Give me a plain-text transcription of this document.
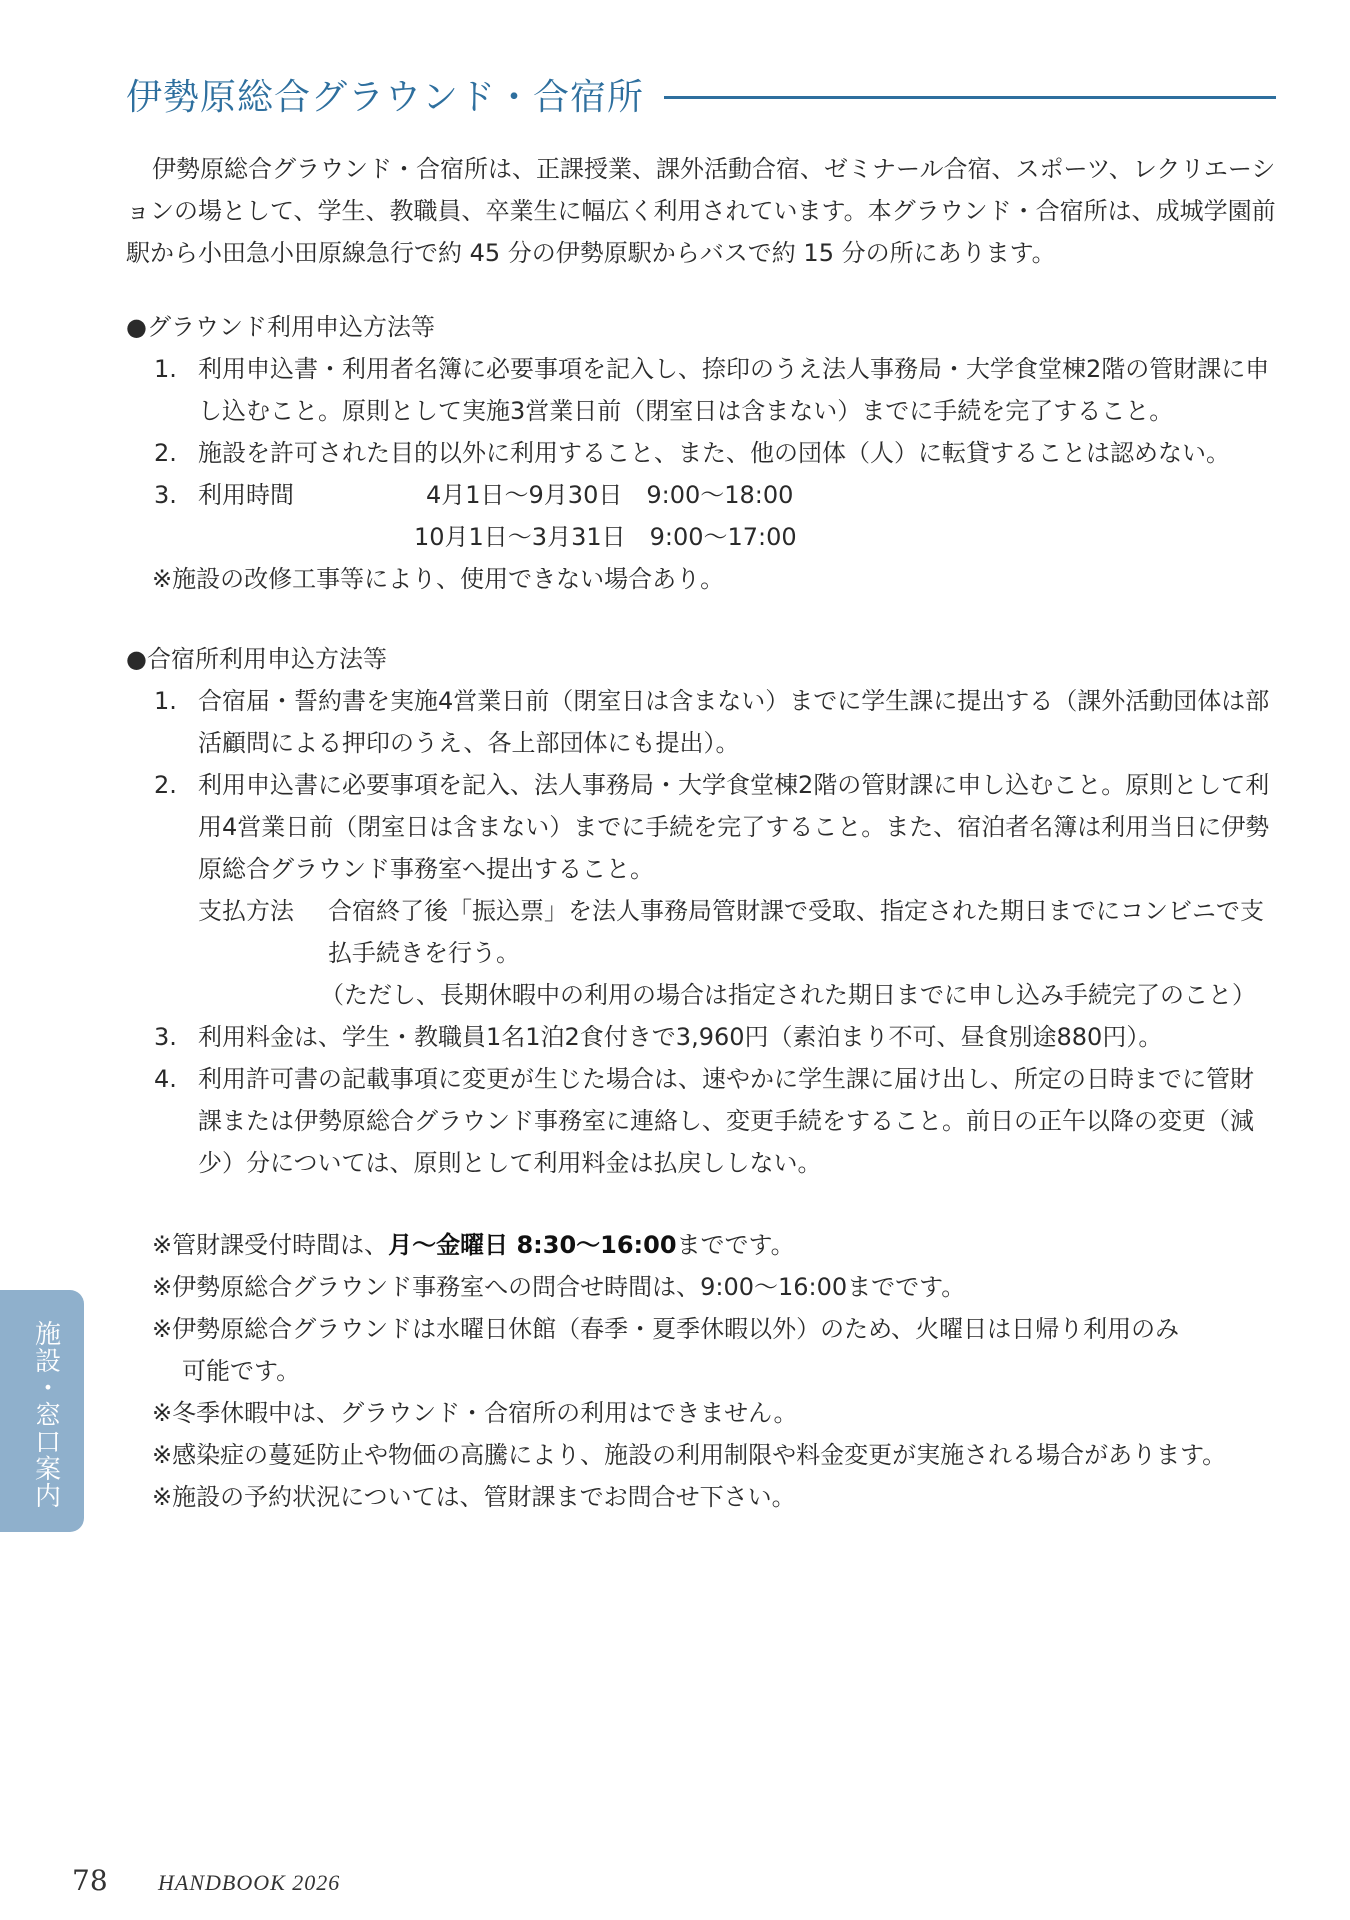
伊勢原総合グラウンド・合宿所

伊勢原総合グラウンド・合宿所は、正課授業、課外活動合宿、ゼミナール合宿、スポーツ、レクリエーションの場として、学生、教職員、卒業生に幅広く利用されています。本グラウンド・合宿所は、成城学園前駅から小田急小田原線急行で約 45 分の伊勢原駅からバスで約 15 分の所にあります。

●グラウンド利用申込方法等

1. 利用申込書・利用者名簿に必要事項を記入し、捺印のうえ法人事務局・大学食堂棟2階の管財課に申し込むこと。原則として実施3営業日前（閉室日は含まない）までに手続を完了すること。
2. 施設を許可された目的以外に利用すること、また、他の団体（人）に転貸することは認めない。
3. 利用時間	4月1日～9月30日　9:00～18:00
10月1日～3月31日　9:00～17:00

※施設の改修工事等により、使用できない場合あり。

●合宿所利用申込方法等

1. 合宿届・誓約書を実施4営業日前（閉室日は含まない）までに学生課に提出する（課外活動団体は部活顧問による押印のうえ、各上部団体にも提出）。
2. 利用申込書に必要事項を記入、法人事務局・大学食堂棟2階の管財課に申し込むこと。原則として利用4営業日前（閉室日は含まない）までに手続を完了すること。また、宿泊者名簿は利用当日に伊勢原総合グラウンド事務室へ提出すること。
支払方法	合宿終了後「振込票」を法人事務局管財課で受取、指定された期日までにコンビニで支払手続きを行う。

（ただし、長期休暇中の利用の場合は指定された期日までに申し込み手続完了のこと）

3. 利用料金は、学生・教職員1名1泊2食付きで3,960円（素泊まり不可、昼食別途880円）。
4. 利用許可書の記載事項に変更が生じた場合は、速やかに学生課に届け出し、所定の日時までに管財課または伊勢原総合グラウンド事務室に連絡し、変更手続をすること。前日の正午以降の変更（減少）分については、原則として利用料金は払戻ししない。

※管財課受付時間は、月～金曜日 8:30～16:00までです。

※伊勢原総合グラウンド事務室への問合せ時間は、9:00～16:00までです。

※伊勢原総合グラウンドは水曜日休館（春季・夏季休暇以外）のため、火曜日は日帰り利用のみ

可能です。

※冬季休暇中は、グラウンド・合宿所の利用はできません。

※感染症の蔓延防止や物価の高騰により、施設の利用制限や料金変更が実施される場合があります。

※施設の予約状況については、管財課までお問合せ下さい。

施設・窓口案内
78 HANDBOOK 2026
